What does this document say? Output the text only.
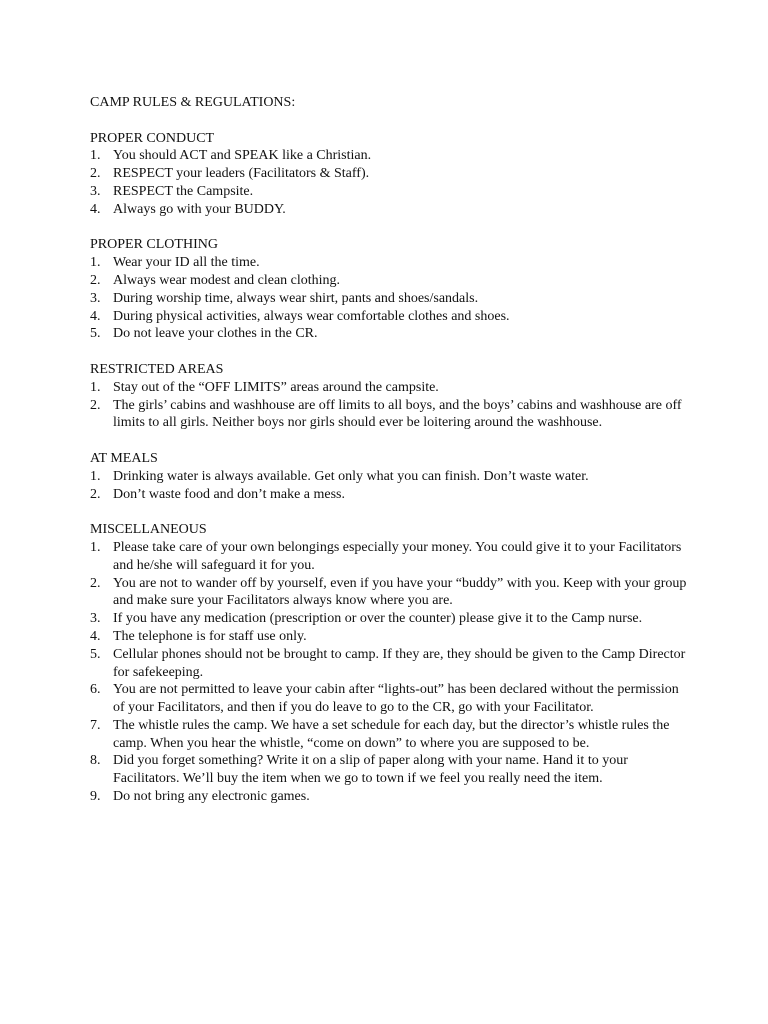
CAMP RULES & REGULATIONS:
PROPER CONDUCT
1. You should ACT and SPEAK like a Christian.
2. RESPECT your leaders (Facilitators & Staff).
3. RESPECT the Campsite.
4. Always go with your BUDDY.
PROPER CLOTHING
1. Wear your ID all the time.
2. Always wear modest and clean clothing.
3. During worship time, always wear shirt, pants and shoes/sandals.
4. During physical activities, always wear comfortable clothes and shoes.
5. Do not leave your clothes in the CR.
RESTRICTED AREAS
1. Stay out of the “OFF LIMITS” areas around the campsite.
2. The girls’ cabins and washhouse are off limits to all boys, and the boys’ cabins and washhouse are off limits to all girls. Neither boys nor girls should ever be loitering around the washhouse.
AT MEALS
1. Drinking water is always available. Get only what you can finish. Don’t waste water.
2. Don’t waste food and don’t make a mess.
MISCELLANEOUS
1. Please take care of your own belongings especially your money. You could give it to your Facilitators and he/she will safeguard it for you.
2. You are not to wander off by yourself, even if you have your “buddy” with you. Keep with your group and make sure your Facilitators always know where you are.
3. If you have any medication (prescription or over the counter) please give it to the Camp nurse.
4. The telephone is for staff use only.
5. Cellular phones should not be brought to camp. If they are, they should be given to the Camp Director for safekeeping.
6. You are not permitted to leave your cabin after “lights-out” has been declared without the permission of your Facilitators, and then if you do leave to go to the CR, go with your Facilitator.
7. The whistle rules the camp. We have a set schedule for each day, but the director’s whistle rules the camp. When you hear the whistle, “come on down” to where you are supposed to be.
8. Did you forget something? Write it on a slip of paper along with your name. Hand it to your Facilitators. We’ll buy the item when we go to town if we feel you really need the item.
9. Do not bring any electronic games.
